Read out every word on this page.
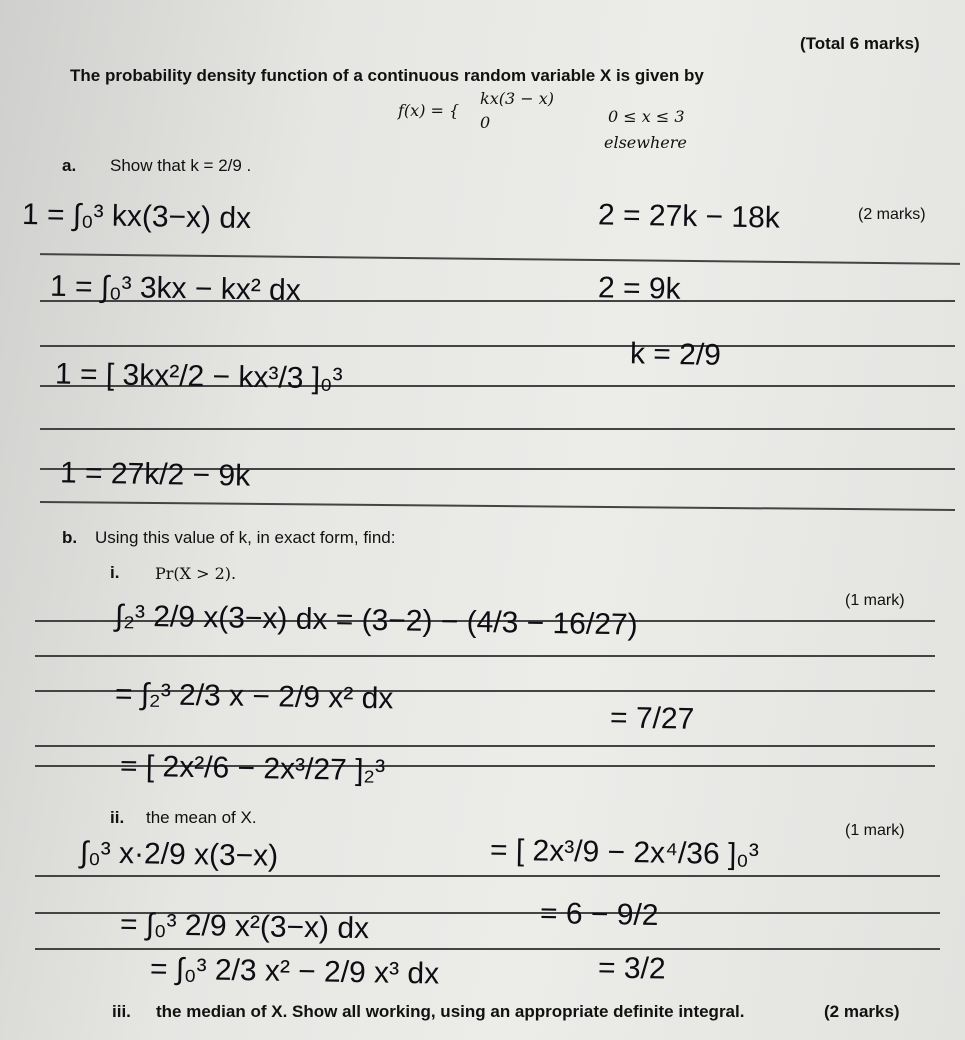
(Total 6 marks)
The probability density function of a continuous random variable X is given by
f(x) = {
kx(3 − x)
0 ≤ x ≤ 3
0
elsewhere
a. Show that k = 2/9 .
(2 marks)
1 = ∫₀³ kx(3−x) dx
1 = ∫₀³ 3kx − kx² dx
1 = [ 3kx²/2 − kx³/3 ]₀³
1 = 27k/2 − 9k
2 = 27k − 18k
2 = 9k
k = 2/9
b. Using this value of k, in exact form, find:
i. Pr(X > 2).
(1 mark)
∫₂³ 2/9 x(3−x) dx = (3−2) − (4/3 − 16/27)
= ∫₂³ 2/3 x − 2/9 x² dx
= [ 2x²/6 − 2x³/27 ]₂³
= 7/27
ii. the mean of X.
(1 mark)
∫₀³ x·2/9 x(3−x)
= ∫₀³ 2/9 x²(3−x) dx
= ∫₀³ 2/3 x² − 2/9 x³ dx
= [ 2x³/9 − 2x⁴/36 ]₀³
= 6 − 9/2
= 3/2
iii. the median of X. Show all working, using an appropriate definite integral.	(2 marks)
